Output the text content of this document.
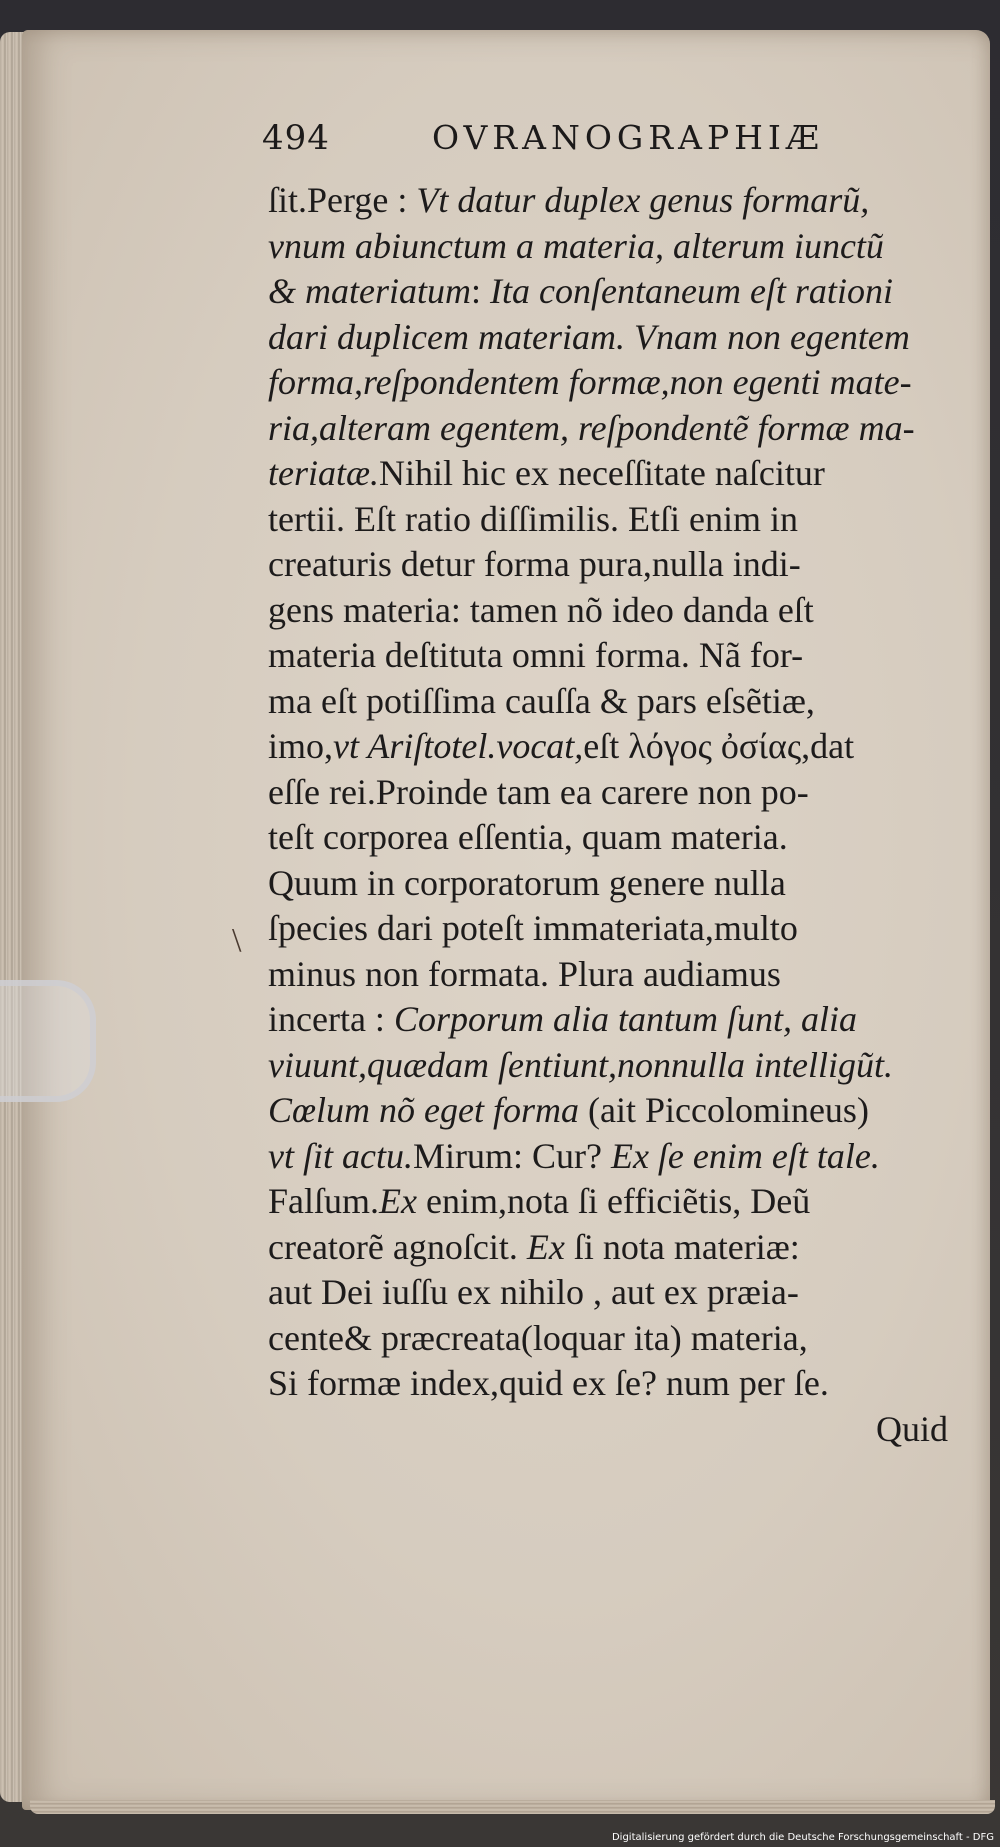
494	OVRANOGRAPHIÆ
\
ſit.Perge : Vt datur duplex genus formarũ,
vnum abiunctum a materia, alterum iunctũ
& materiatum: Ita conſentaneum eſt rationi
dari duplicem materiam. Vnam non egentem
forma,reſpondentem formæ,non egenti mate-
ria,alteram egentem, reſpondentẽ formæ ma-
teriatæ.Nihil hic ex neceſſitate naſcitur
tertii. Eſt ratio diſſimilis. Etſi enim in
creaturis detur forma pura,nulla indi-
gens materia: tamen nõ ideo danda eſt
materia deſtituta omni forma. Nã for-
ma eſt potiſſima cauſſa & pars eſsẽtiæ,
imo,vt Ariſtotel.vocat,eſt λόγος ὀσίας,dat
eſſe rei.Proinde tam ea carere non po-
teſt corporea eſſentia, quam materia.
Quum in corporatorum genere nulla
ſpecies dari poteſt immateriata,multo
minus non formata. Plura audiamus
incerta : Corporum alia tantum ſunt, alia
viuunt,quædam ſentiunt,nonnulla intelligũt.
Cœlum nõ eget forma (ait Piccolomineus)
vt ſit actu.Mirum: Cur? Ex ſe enim eſt tale.
Falſum.Ex enim,nota ſi efficiẽtis, Deũ
creatorẽ agnoſcit. Ex ſi nota materiæ:
aut Dei iuſſu ex nihilo , aut ex præia-
cente& præcreata(loquar ita) materia,
Si formæ index,quid ex ſe? num per ſe.
Quid
Digitalisierung gefördert durch die Deutsche Forschungsgemeinschaft - DFG
